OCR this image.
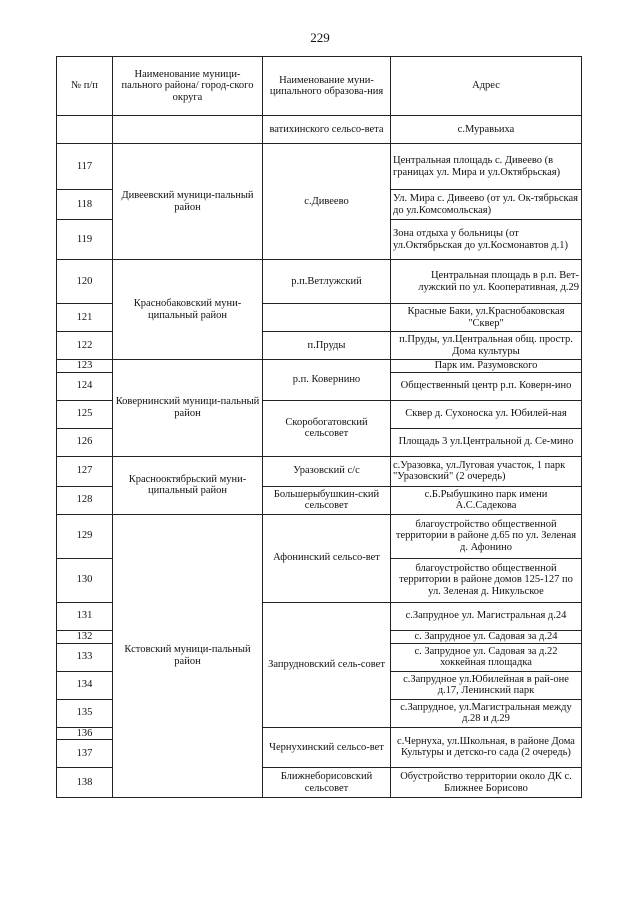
229
№ п/п	Наименование муници-пального района/ город-ского округа	Наименование муни-ципального образова-ния	Адрес
		ватихинского сельсо-вета	с.Муравьиха
117	Дивеевский муници-пальный район	с.Дивеево	Центральная площадь с. Дивеево (в границах ул. Мира и ул.Октябрьская)
118			Ул. Мира с. Дивеево (от ул. Ок-тябрьская до ул.Комсомольская)
119			Зона отдыха у больницы (от ул.Октябрьская до ул.Космонавтов д.1)
120	Краснобаковский муни-ципальный район	р.п.Ветлужский	Центральная площадь в р.п. Вет-лужский по ул. Кооперативная, д.29
121			Красные Баки, ул.Краснобаковская "Сквер"
122		п.Пруды	п.Пруды, ул.Центральная общ. простр. Дома культуры
123	Ковернинский муници-пальный район	р.п. Ковернино	Парк им. Разумовского
124			Общественный центр р.п. Коверн-ино
125		Скоробогатовский сельсовет	Сквер д. Сухоноска ул. Юбилей-ная
126			Площадь 3 ул.Центральной д. Се-мино
127	Краснооктябрьский муни-ципальный район	Уразовский с/с	с.Уразовка, ул.Луговая участок, 1 парк "Уразовский" (2 очередь)
128		Большерыбушкин-ский сельсовет	с.Б.Рыбушкино парк имени А.С.Садекова
129	Кстовский муници-пальный район	Афонинский сельсо-вет	благоустройство общественной территории в районе д.65 по ул. Зеленая д. Афонино
130			благоустройство общественной территории в районе домов 125-127 по ул. Зеленая д. Никульское
131		Запрудновский сель-совет	с.Запрудное ул. Магистральная д.24
132			с. Запрудное ул. Садовая за д.24
133			с. Запрудное ул. Садовая за д.22 хоккейная площадка
134			с.Запрудное ул.Юбилейная в рай-оне д.17, Ленинский парк
135			с.Запрудное, ул.Магистральная между д.28 и д.29
136		Чернухинский сельсо-вет	с.Чернуха, ул.Школьная, в районе Дома Культуры и детско-го сада (2 очередь)
137			
138		Ближнеборисовский сельсовет	Обустройство территории около ДК с. Ближнее Борисово
